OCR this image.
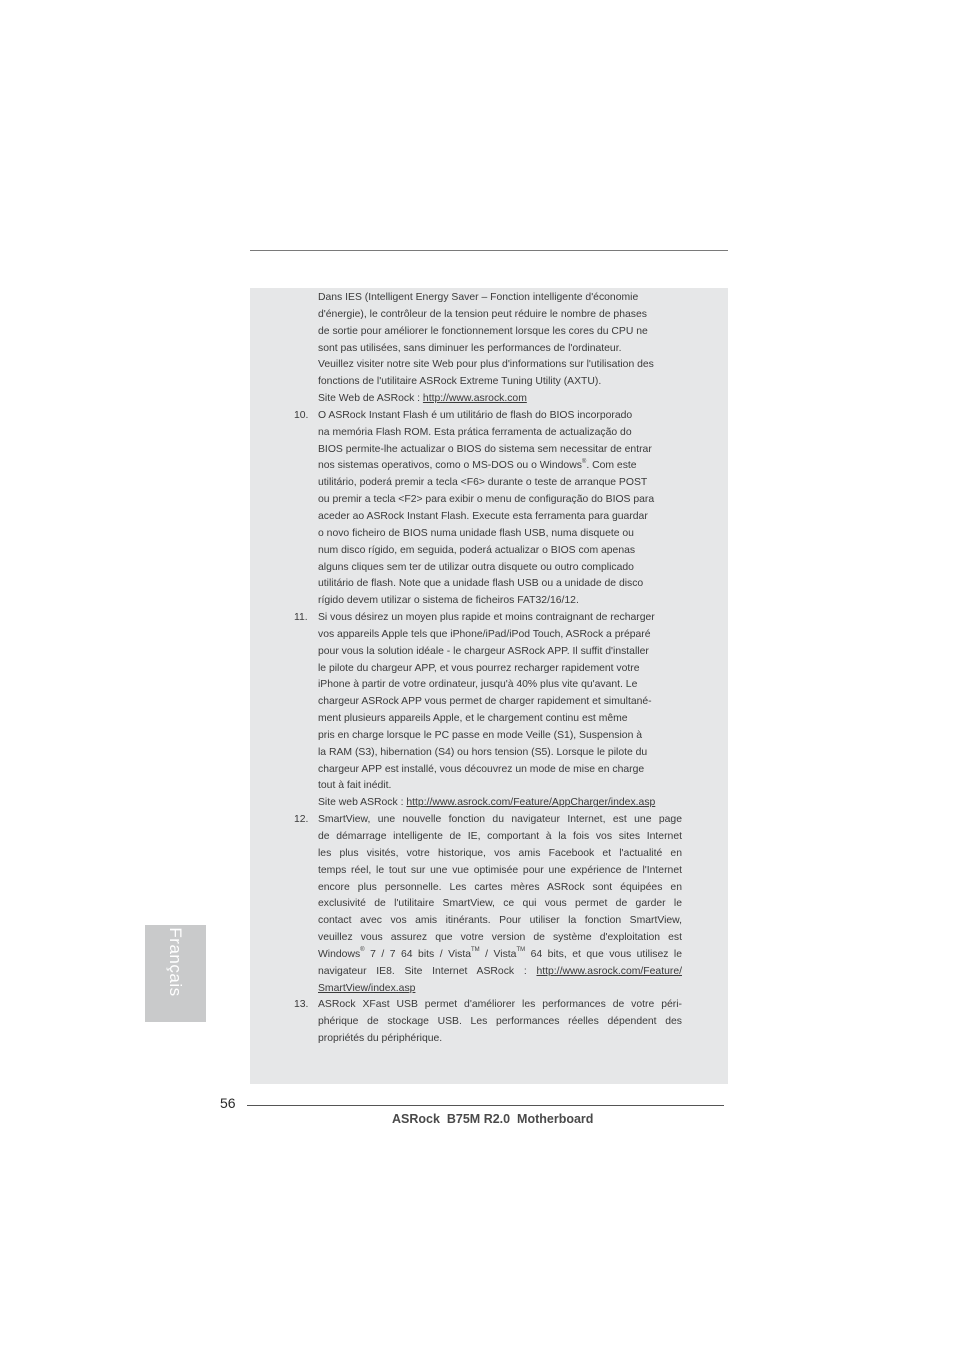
Dans IES (Intelligent Energy Saver – Fonction intelligente d'économie
d'énergie), le contrôleur de la tension peut réduire le nombre de phases
de sortie pour améliorer le fonctionnement lorsque les cores du CPU ne
sont pas utilisées, sans diminuer les performances de l'ordinateur.
Veuillez visiter notre site Web pour plus d'informations sur l'utilisation des
fonctions de l'utilitaire ASRock Extreme Tuning Utility (AXTU).
Site Web de ASRock : http://www.asrock.com
10. O ASRock Instant Flash é um utilitário de flash do BIOS incorporado
na memória Flash ROM. Esta prática ferramenta de actualização do
BIOS permite-lhe actualizar o BIOS do sistema sem necessitar de entrar
nos sistemas operativos, como o MS-DOS ou o Windows®. Com este
utilitário, poderá premir a tecla <F6> durante o teste de arranque POST
ou premir a tecla <F2> para exibir o menu de configuração do BIOS para
aceder ao ASRock Instant Flash. Execute esta ferramenta para guardar
o novo ficheiro de BIOS numa unidade flash USB, numa disquete ou
num disco rígido, em seguida, poderá actualizar o BIOS com apenas
alguns cliques sem ter de utilizar outra disquete ou outro complicado
utilitário de flash. Note que a unidade flash USB ou a unidade de disco
rígido devem utilizar o sistema de ficheiros FAT32/16/12.
11. Si vous désirez un moyen plus rapide et moins contraignant de recharger
vos appareils Apple tels que iPhone/iPad/iPod Touch, ASRock a préparé
pour vous la solution idéale - le chargeur ASRock APP. Il suffit d'installer
le pilote du chargeur APP, et vous pourrez recharger rapidement votre
iPhone à partir de votre ordinateur, jusqu'à 40% plus vite qu'avant. Le
chargeur ASRock APP vous permet de charger rapidement et simultané-
ment plusieurs appareils Apple, et le chargement continu est même
pris en charge lorsque le PC passe en mode Veille (S1), Suspension à
la RAM (S3), hibernation (S4) ou hors tension (S5). Lorsque le pilote du
chargeur APP est installé, vous découvrez un mode de mise en charge
tout à fait inédit.
Site web ASRock : http://www.asrock.com/Feature/AppCharger/index.asp
12. SmartView, une nouvelle fonction du navigateur Internet, est une page
de démarrage intelligente de IE, comportant à la fois vos sites Internet
les plus visités, votre historique, vos amis Facebook et l'actualité en
temps réel, le tout sur une vue optimisée pour une expérience de l'Internet
encore plus personnelle. Les cartes mères ASRock sont équipées en
exclusivité de l'utilitaire SmartView, ce qui vous permet de garder le
contact avec vos amis itinérants. Pour utiliser la fonction SmartView,
veuillez vous assurez que votre version de système d'exploitation est
Windows® 7 / 7 64 bits / Vista™ / Vista™ 64 bits, et que vous utilisez le
navigateur IE8. Site Internet ASRock : http://www.asrock.com/Feature/
SmartView/index.asp
13. ASRock XFast USB permet d'améliorer les performances de votre péri-
phérique de stockage USB. Les performances réelles dépendent des
propriétés du périphérique.
Français
56
ASRock  B75M R2.0  Motherboard
